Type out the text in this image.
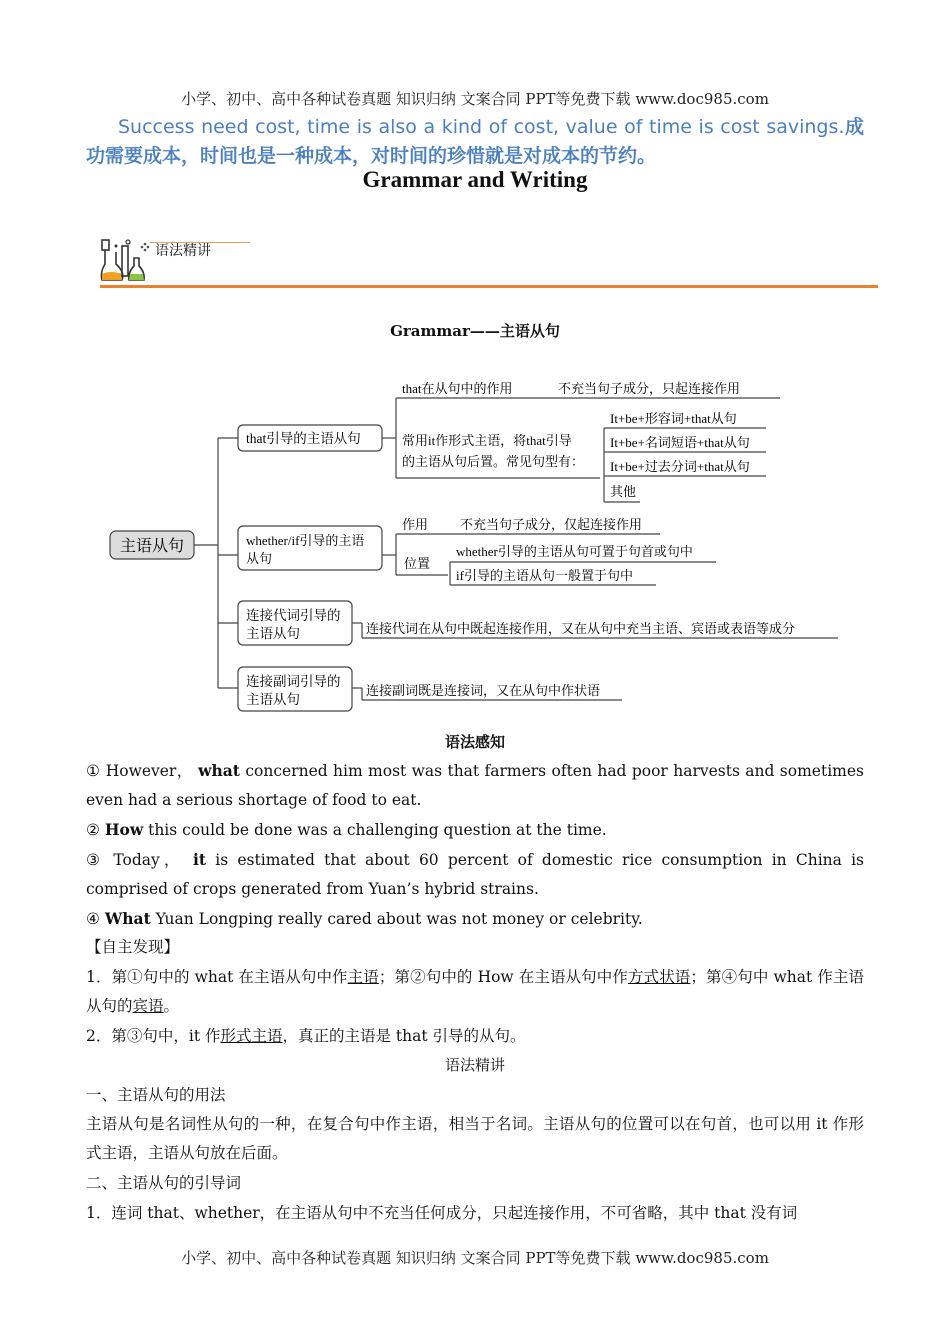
小学、初中、高中各种试卷真题 知识归纳 文案合同 PPT等免费下载 www.doc985.com
Success need cost, time is also a kind of cost, value of time is cost savings.成功需要成本，时间也是一种成本，对时间的珍惜就是对成本的节约。
Grammar and Writing
语法精讲
Grammar——主语从句
主语从句
that引导的主语从句
that在从句中的作用	不充当句子成分，只起连接作用
常用it作形式主语，将that引导
的主语从句后置。常见句型有：
It+be+形容词+that从句
It+be+名词短语+that从句
It+be+过去分词+that从句
其他
whether/if引导的主语
从句
作用 不充当句子成分，仅起连接作用
位置
whether引导的主语从句可置于句首或句中
if引导的主语从句一般置于句中
连接代词引导的
主语从句	连接代词在从句中既起连接作用，又在从句中充当主语、宾语或表语等成分
连接副词引导的
主语从句
连接副词既是连接词，又在从句中作状语
语法感知
① However， what concerned him most was that farmers often had poor harvests and sometimes even had a serious shortage of food to eat.
② How this could be done was a challenging question at the time.
③ Today， it is estimated that about 60 percent of domestic rice consumption in China is comprised of crops generated from Yuan’s hybrid strains.
④ What Yuan Longping really cared about was not money or celebrity.
【自主发现】
1．第①句中的 what 在主语从句中作主语；第②句中的 How 在主语从句中作方式状语；第④句中 what 作主语从句的宾语。
2．第③句中，it 作形式主语，真正的主语是 that 引导的从句。
语法精讲
一、主语从句的用法
主语从句是名词性从句的一种，在复合句中作主语，相当于名词。主语从句的位置可以在句首，也可以用 it 作形式主语，主语从句放在后面。
二、主语从句的引导词
1．连词 that、whether，在主语从句中不充当任何成分，只起连接作用，不可省略，其中 that 没有词
小学、初中、高中各种试卷真题 知识归纳 文案合同 PPT等免费下载 www.doc985.com
